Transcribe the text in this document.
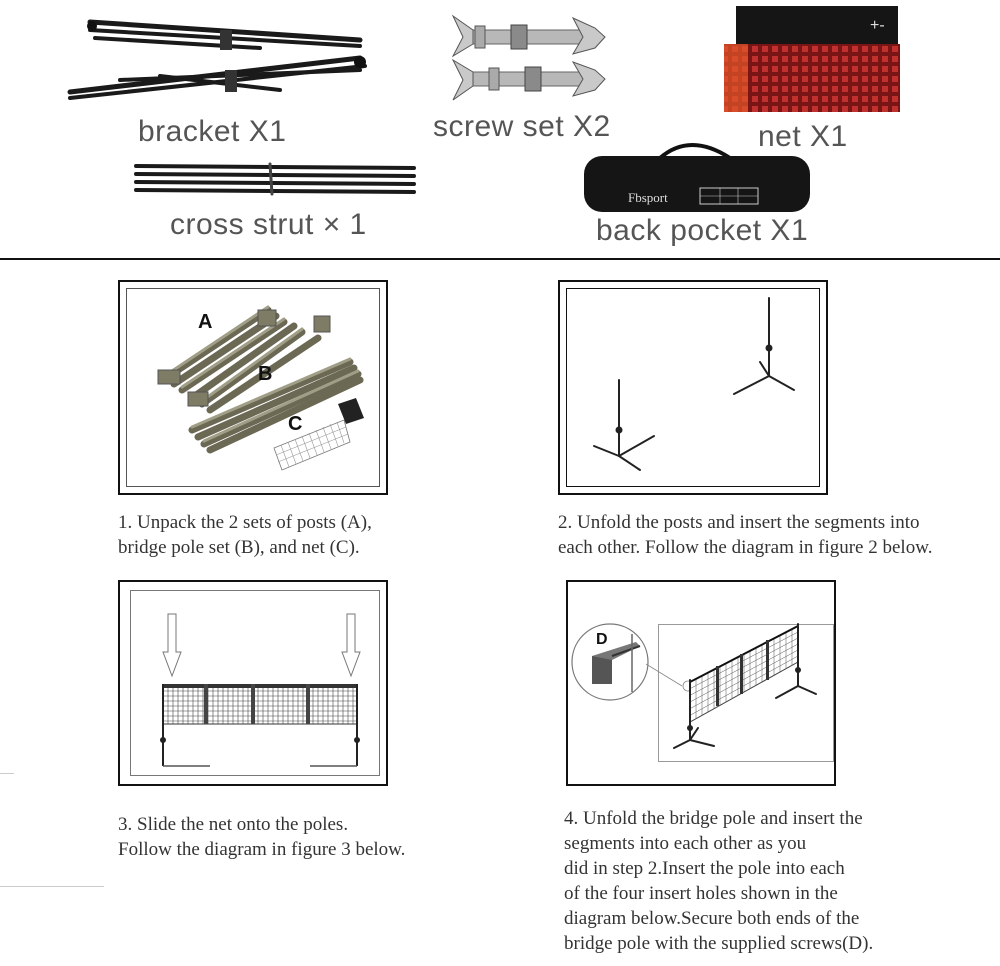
bracket X1	screw set X2
+-
net X1
cross strut × 1
Fbsport
back pocket X1
A
B
C
D
1. Unpack the 2 sets of posts (A),
bridge pole set (B), and net (C).
2. Unfold the posts and insert the segments into
each other. Follow the diagram in figure 2 below.
3. Slide the net onto the poles.
Follow the diagram in figure 3 below.
4. Unfold the bridge pole and insert the
segments into each other as you
did in step 2.Insert the pole into each
of the four insert holes shown in the
diagram below.Secure both ends of the
bridge pole with the supplied screws(D).
